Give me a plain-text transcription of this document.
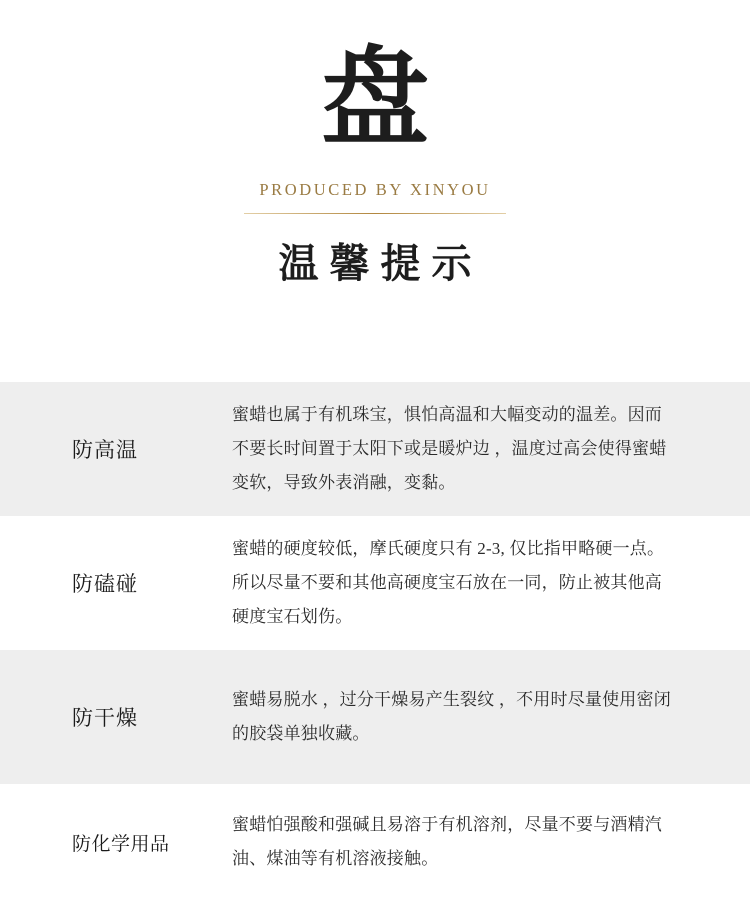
盘
PRODUCED BY XINYOU
温馨提示
防高温
蜜蜡也属于有机珠宝，惧怕高温和大幅变动的温差。因而不要长时间置于太阳下或是暖炉边 ，温度过高会使得蜜蜡变软，导致外表消融，变黏。
防磕碰
蜜蜡的硬度较低，摩氏硬度只有 2-3, 仅比指甲略硬一点。所以尽量不要和其他高硬度宝石放在一同，防止被其他高硬度宝石划伤。
防干燥
蜜蜡易脱水 ，过分干燥易产生裂纹 ，不用时尽量使用密闭的胶袋单独收藏。
防化学用品
蜜蜡怕强酸和强碱且易溶于有机溶剂，尽量不要与酒精汽油、煤油等有机溶液接触。
